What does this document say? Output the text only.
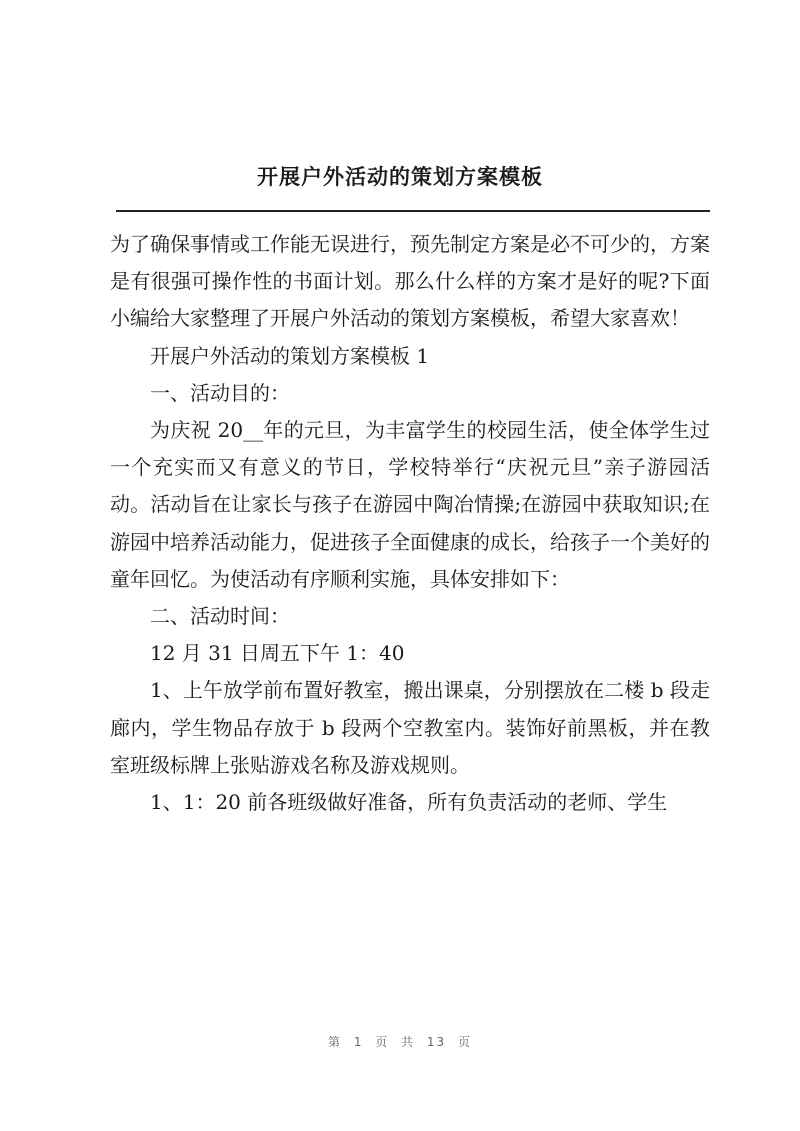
开展户外活动的策划方案模板

为了确保事情或工作能无误进行，预先制定方案是必不可少的，方案是有很强可操作性的书面计划。那么什么样的方案才是好的呢?下面小编给大家整理了开展户外活动的策划方案模板，希望大家喜欢！

开展户外活动的策划方案模板 1

一、活动目的：

为庆祝 20__年的元旦，为丰富学生的校园生活，使全体学生过一个充实而又有意义的节日，学校特举行“庆祝元旦”亲子游园活动。活动旨在让家长与孩子在游园中陶冶情操;在游园中获取知识;在游园中培养活动能力，促进孩子全面健康的成长，给孩子一个美好的童年回忆。为使活动有序顺利实施，具体安排如下：

二、活动时间：

12 月 31 日周五下午 1：40

1、上午放学前布置好教室，搬出课桌，分别摆放在二楼 b 段走廊内，学生物品存放于 b 段两个空教室内。装饰好前黑板，并在教室班级标牌上张贴游戏名称及游戏规则。

1、1：20 前各班级做好准备，所有负责活动的老师、学生

第 1 页 共 13 页
